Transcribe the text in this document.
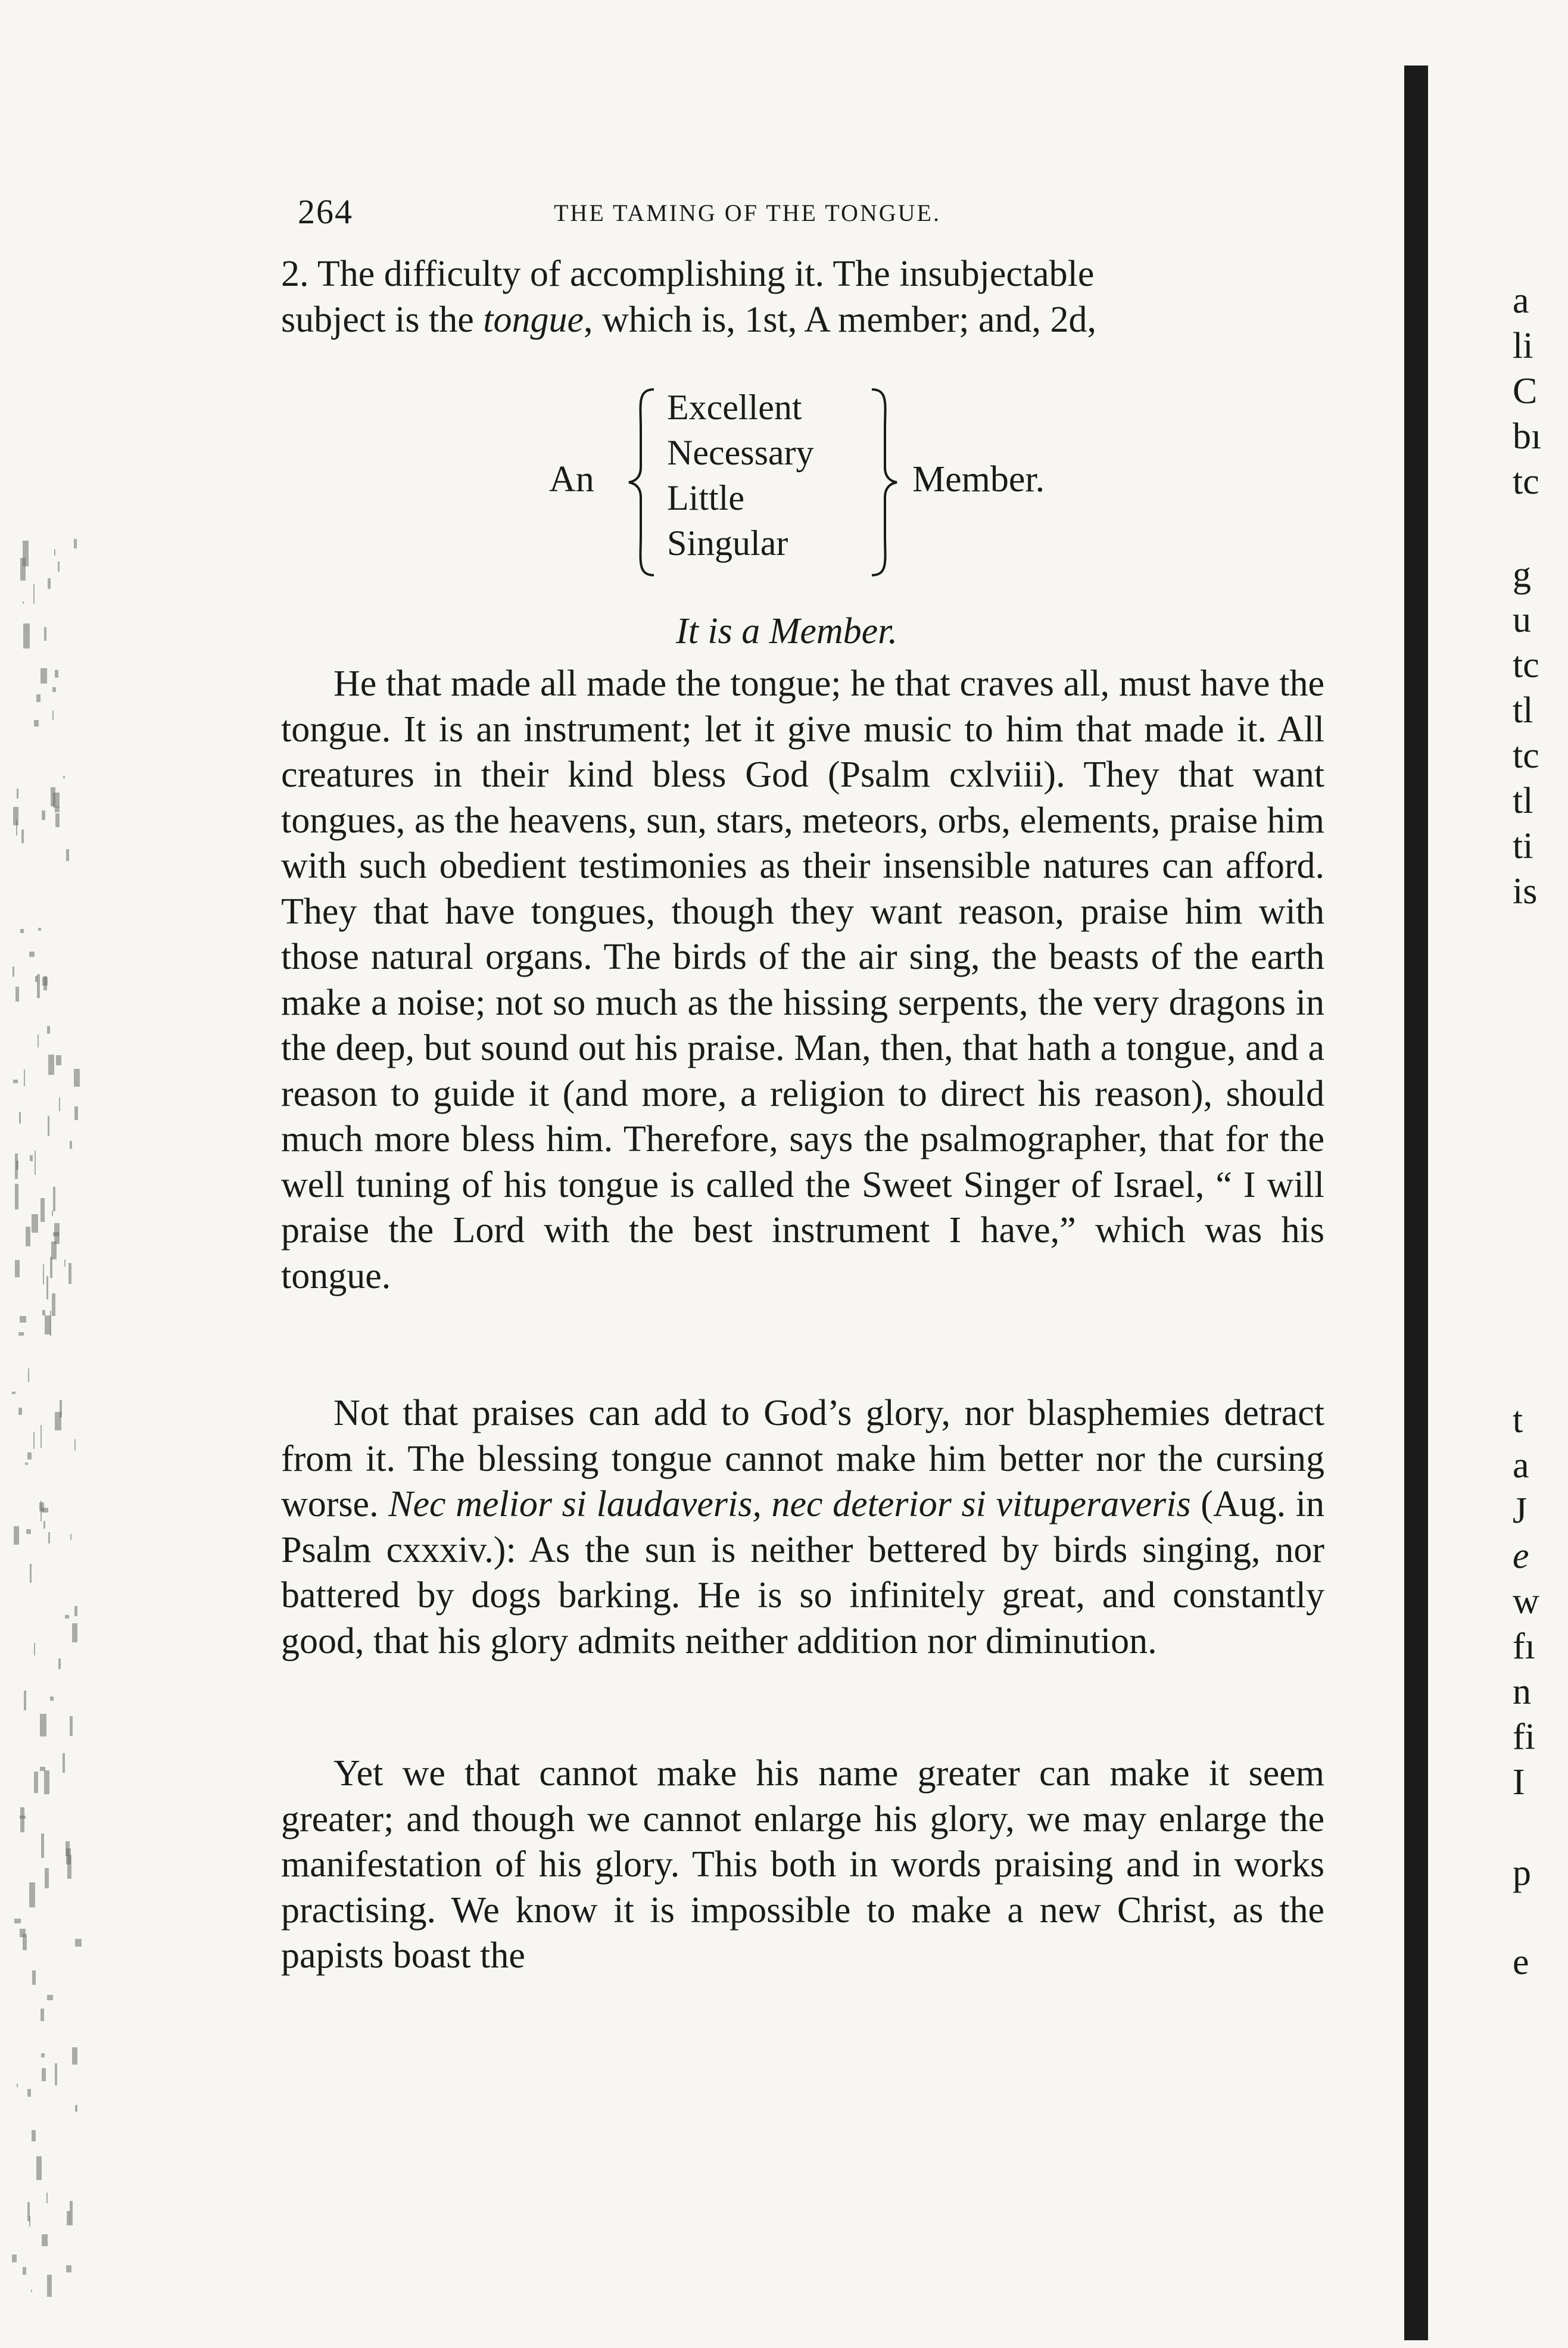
264	THE TAMING OF THE TONGUE.
2. The difficulty of accomplishing it. The insubjectable
subject is the tongue, which is, 1st, A member; and, 2d,
An
Excellent
Necessary
Little
Singular
Member.
It is a Member.
He that made all made the tongue; he that craves all, must have the tongue. It is an instrument; let it give music to him that made it. All creatures in their kind bless God (Psalm cxlviii). They that want tongues, as the heavens, sun, stars, meteors, orbs, elements, praise him with such obedient testimonies as their insensible natures can afford. They that have tongues, though they want reason, praise him with those natural organs. The birds of the air sing, the beasts of the earth make a noise; not so much as the hissing serpents, the very dragons in the deep, but sound out his praise. Man, then, that hath a tongue, and a reason to guide it (and more, a religion to direct his reason), should much more bless him. Therefore, says the psalmographer, that for the well tuning of his tongue is called the Sweet Singer of Israel, “ I will praise the Lord with the best instrument I have,” which was his tongue.
Not that praises can add to God’s glory, nor blasphemies detract from it. The blessing tongue cannot make him better nor the cursing worse. Nec melior si laudaveris, nec deterior si vituperaveris (Aug. in Psalm cxxxiv.): As the sun is neither bettered by birds singing, nor battered by dogs barking. He is so infinitely great, and constantly good, that his glory admits neither addition nor diminution.
Yet we that cannot make his name greater can make it seem greater; and though we cannot enlarge his glory, we may enlarge the manifestation of his glory. This both in words praising and in works practising. We know it is impossible to make a new Christ, as the papists boast the
a
li
C
bı
tc
g
u
tc
tl
tc
tl
ti
is
t
a
J
e
w
fı
n
fi
I
p
e
